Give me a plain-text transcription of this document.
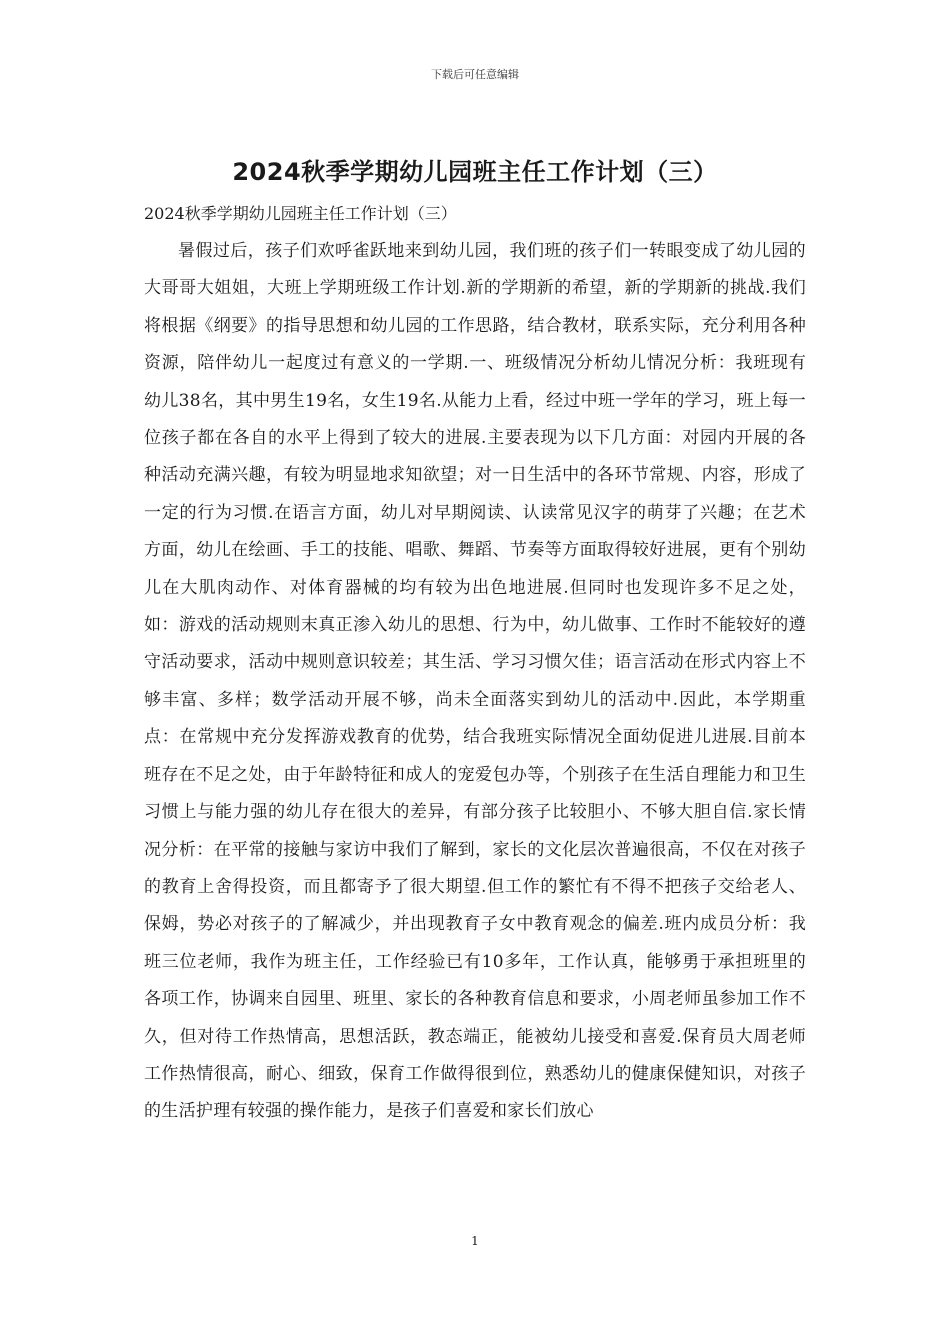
下载后可任意编辑
2024秋季学期幼儿园班主任工作计划（三）

2024秋季学期幼儿园班主任工作计划（三）

暑假过后，孩子们欢呼雀跃地来到幼儿园，我们班的孩子们一转眼变成了幼儿园的大哥哥大姐姐，大班上学期班级工作计划.新的学期新的希望，新的学期新的挑战.我们将根据《纲要》的指导思想和幼儿园的工作思路，结合教材，联系实际，充分利用各种资源，陪伴幼儿一起度过有意义的一学期.一、班级情况分析幼儿情况分析：我班现有幼儿38名，其中男生19名，女生19名.从能力上看，经过中班一学年的学习，班上每一位孩子都在各自的水平上得到了较大的进展.主要表现为以下几方面：对园内开展的各种活动充满兴趣，有较为明显地求知欲望；对一日生活中的各环节常规、内容，形成了一定的行为习惯.在语言方面，幼儿对早期阅读、认读常见汉字的萌芽了兴趣；在艺术方面，幼儿在绘画、手工的技能、唱歌、舞蹈、节奏等方面取得较好进展，更有个别幼儿在大肌肉动作、对体育器械的均有较为出色地进展.但同时也发现许多不足之处，如：游戏的活动规则末真正渗入幼儿的思想、行为中，幼儿做事、工作时不能较好的遵守活动要求，活动中规则意识较差；其生活、学习习惯欠佳；语言活动在形式内容上不够丰富、多样；数学活动开展不够，尚未全面落实到幼儿的活动中.因此，本学期重点：在常规中充分发挥游戏教育的优势，结合我班实际情况全面幼促进儿进展.目前本班存在不足之处，由于年龄特征和成人的宠爱包办等，个别孩子在生活自理能力和卫生习惯上与能力强的幼儿存在很大的差异，有部分孩子比较胆小、不够大胆自信.家长情况分析：在平常的接触与家访中我们了解到，家长的文化层次普遍很高，不仅在对孩子的教育上舍得投资，而且都寄予了很大期望.但工作的繁忙有不得不把孩子交给老人、保姆，势必对孩子的了解减少，并出现教育子女中教育观念的偏差.班内成员分析：我班三位老师，我作为班主任，工作经验已有10多年，工作认真，能够勇于承担班里的各项工作，协调来自园里、班里、家长的各种教育信息和要求，小周老师虽参加工作不久，但对待工作热情高，思想活跃，教态端正，能被幼儿接受和喜爱.保育员大周老师工作热情很高，耐心、细致，保育工作做得很到位，熟悉幼儿的健康保健知识，对孩子的生活护理有较强的操作能力，是孩子们喜爱和家长们放心

1
